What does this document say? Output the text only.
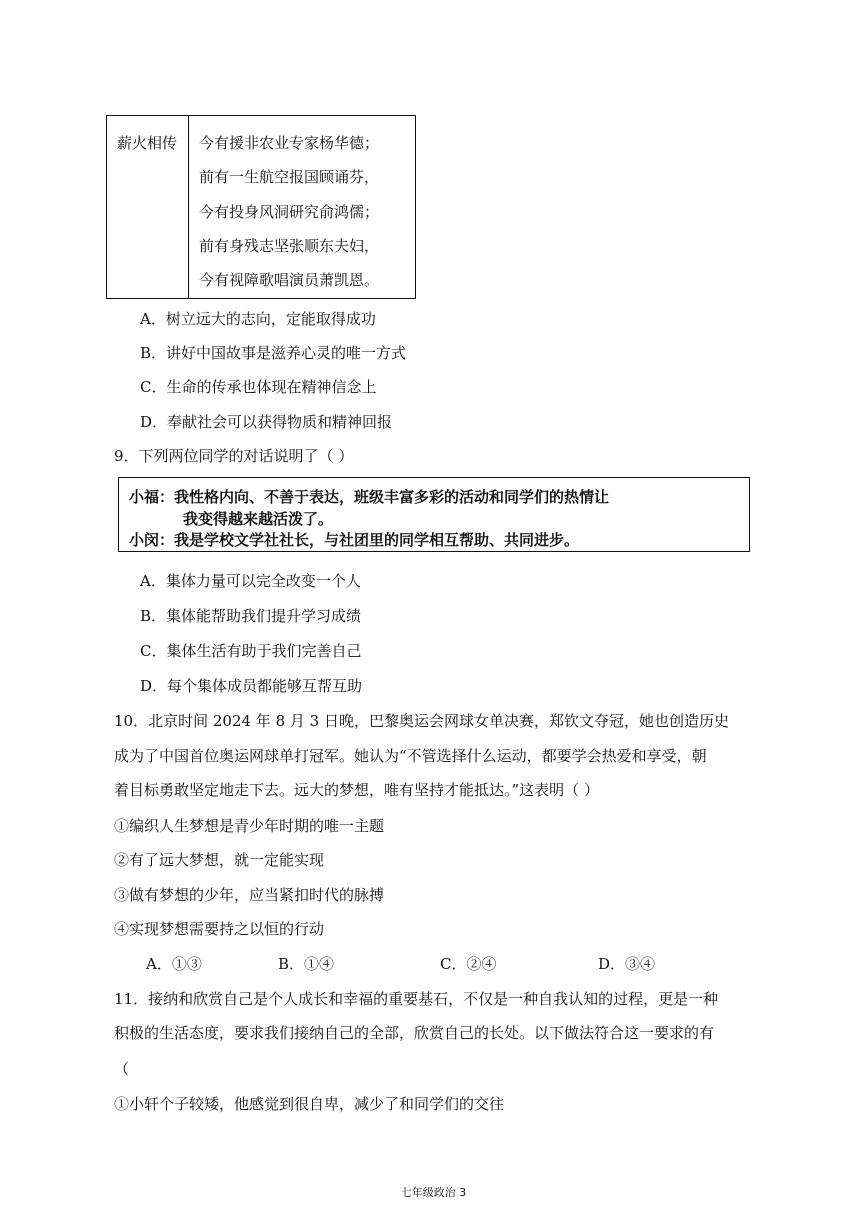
薪火相传	今有援非农业专家杨华德；
前有一生航空报国顾诵芬，
今有投身风洞研究俞鸿儒；
前有身残志坚张顺东夫妇，
今有视障歌唱演员萧凯恩。
A．树立远大的志向，定能取得成功
B．讲好中国故事是滋养心灵的唯一方式
C．生命的传承也体现在精神信念上
D．奉献社会可以获得物质和精神回报
9．下列两位同学的对话说明了（ ）
小福：我性格内向、不善于表达，班级丰富多彩的活动和同学们的热情让
我变得越来越活泼了。
小闵：我是学校文学社社长，与社团里的同学相互帮助、共同进步。
A．集体力量可以完全改变一个人
B．集体能帮助我们提升学习成绩
C．集体生活有助于我们完善自己
D．每个集体成员都能够互帮互助
10．北京时间 2024 年 8 月 3 日晚，巴黎奥运会网球女单决赛，郑钦文夺冠，她也创造历史
成为了中国首位奥运网球单打冠军。她认为“不管选择什么运动，都要学会热爱和享受，朝
着目标勇敢坚定地走下去。远大的梦想，唯有坚持才能抵达。”这表明（ ）
①编织人生梦想是青少年时期的唯一主题
②有了远大梦想，就一定能实现
③做有梦想的少年，应当紧扣时代的脉搏
④实现梦想需要持之以恒的行动
A．①③	B．①④	C．②④	D．③④
11．接纳和欣赏自己是个人成长和幸福的重要基石，不仅是一种自我认知的过程，更是一种
积极的生活态度，要求我们接纳自己的全部，欣赏自己的长处。以下做法符合这一要求的有
（
①小轩个子较矮，他感觉到很自卑，减少了和同学们的交往
七年级政治 3
